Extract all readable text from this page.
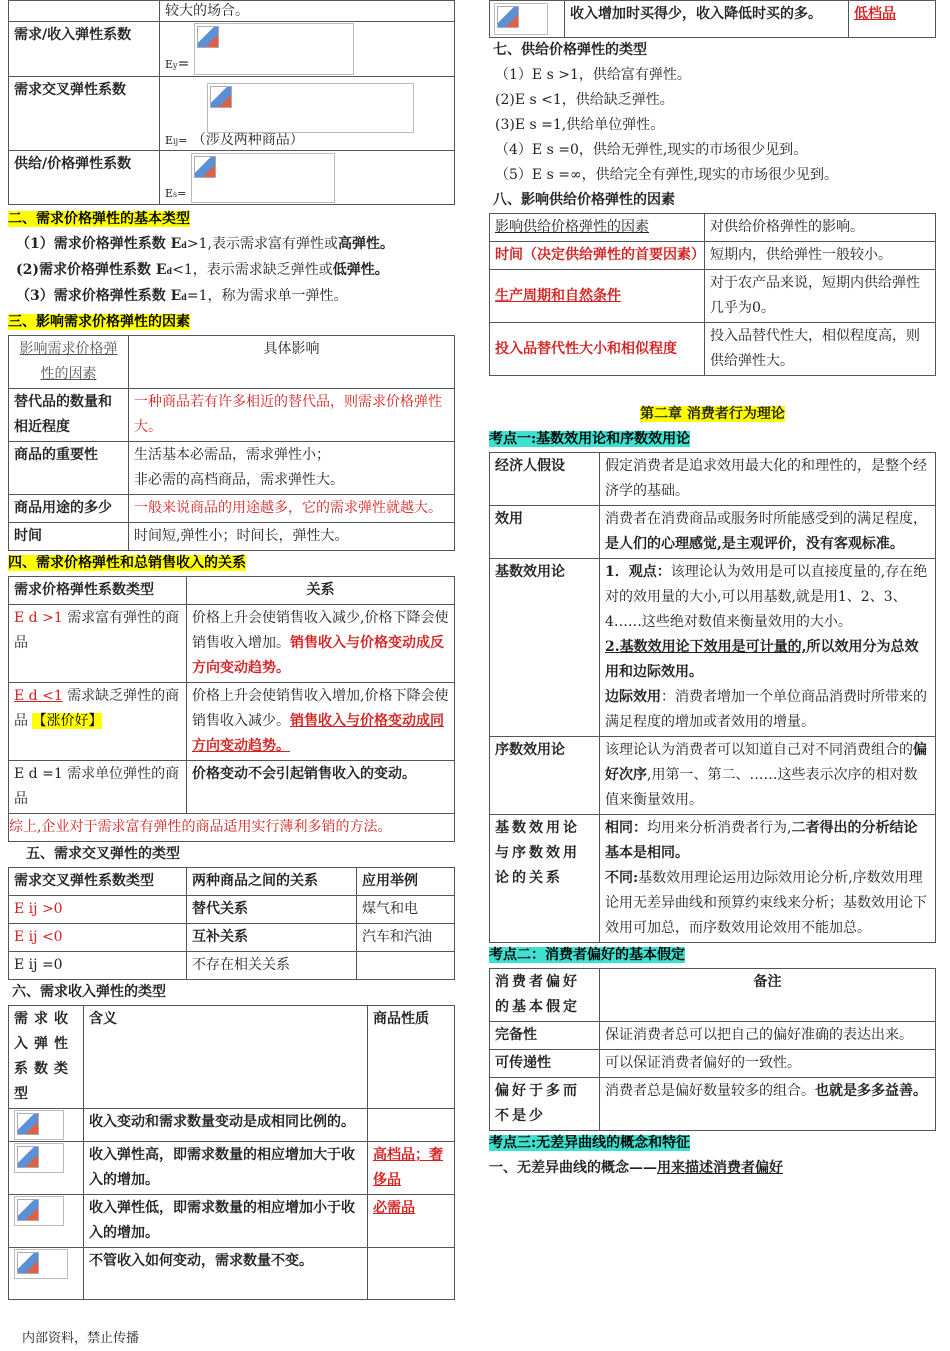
	较大的场合。
需求/收入弹性系数	Ey=

需求交叉弹性系数	Eij= （涉及两种商品）
供给/价格弹性系数	Es=
二、需求价格弹性的基本类型
（1）需求价格弹性系数 Ed>1,表示需求富有弹性或高弹性。
(2)需求价格弹性系数 Ed<1，表示需求缺乏弹性或低弹性。
（3）需求价格弹性系数 Ed=1，称为需求单一弹性。
三、影响需求价格弹性的因素
影响需求价格弹性的因素	具体影响
替代品的数量和相近程度	一种商品若有许多相近的替代品，则需求价格弹性大。
商品的重要性	生活基本必需品，需求弹性小；
非必需的高档商品，需求弹性大。

商品用途的多少	一般来说商品的用途越多，它的需求弹性就越大。
时间	时间短,弹性小；时间长，弹性大。
四、需求价格弹性和总销售收入的关系
需求价格弹性系数类型	关系
E d >1 需求富有弹性的商品	价格上升会使销售收入减少,价格下降会使销售收入增加。销售收入与价格变动成反方向变动趋势。
E d <1 需求缺乏弹性的商品 【涨价好】	价格上升会使销售收入增加,价格下降会使销售收入减少。销售收入与价格变动成同方向变动趋势。
E d =1 需求单位弹性的商品	价格变动不会引起销售收入的变动。
综上,企业对于需求富有弹性的商品适用实行薄利多销的方法。	
五、需求交叉弹性的类型
需求交叉弹性系数类型	两种商品之间的关系	应用举例
E ij >0	替代关系	煤气和电
E ij <0	互补关系	汽车和汽油
E ij =0	不存在相关关系	
六、需求收入弹性的类型
需求收入弹性系数类型	含义	商品性质

	收入变动和需求数量变动是成相同比例的。	

	收入弹性高，即需求数量的相应增加大于收入的增加。	高档品；奢侈品

	收入弹性低，即需求数量的相应增加小于收入的增加。	必需品

	不管收入如何变动，需求数量不变。	
内部资料，禁止传播
	收入增加时买得少，收入降低时买的多。	低档品
七、供给价格弹性的类型
（1）E s >1，供给富有弹性。
(2)E s <1，供给缺乏弹性。
(3)E s =1,供给单位弹性。
（4）E s =0，供给无弹性,现实的市场很少见到。
（5）E s =∞，供给完全有弹性,现实的市场很少见到。
八、影响供给价格弹性的因素
影响供给价格弹性的因素	对供给价格弹性的影响。
时间（决定供给弹性的首要因素）	短期内，供给弹性一般较小。
生产周期和自然条件	对于农产品来说，短期内供给弹性几乎为0。
投入品替代性大小和相似程度	投入品替代性大，相似程度高，则供给弹性大。
第二章 消费者行为理论
考点一:基数效用论和序数效用论
经济人假设	假定消费者是追求效用最大化的和理性的，是整个经济学的基础。
效用	消费者在消费商品或服务时所能感受到的满足程度，是人们的心理感觉,是主观评价，没有客观标准。
基数效用论	1．观点：该理论认为效用是可以直接度量的,存在绝对的效用量的大小,可以用基数,就是用1、2、3、4……这些绝对数值来衡量效用的大小。
2.基数效用论下效用是可计量的,所以效用分为总效用和边际效用。
边际效用：消费者增加一个单位商品消费时所带来的满足程度的增加或者效用的增量。

序数效用论	该理论认为消费者可以知道自己对不同消费组合的偏好次序,用第一、第二、……这些表示次序的相对数值来衡量效用。
基数效用论与序数效用论的关系	相同：均用来分析消费者行为,二者得出的分析结论基本是相同。
不同:基数效用理论运用边际效用论分析,序数效用理论用无差异曲线和预算约束线来分析；基数效用论下效用可加总，而序数效用论效用不能加总。
考点二：消费者偏好的基本假定
消费者偏好的基本假定	备注
完备性	保证消费者总可以把自己的偏好准确的表达出来。
可传递性	可以保证消费者偏好的一致性。
偏好于多而不是少	消费者总是偏好数量较多的组合。也就是多多益善。
考点三:无差异曲线的概念和特征
一、无差异曲线的概念——用来描述消费者偏好
